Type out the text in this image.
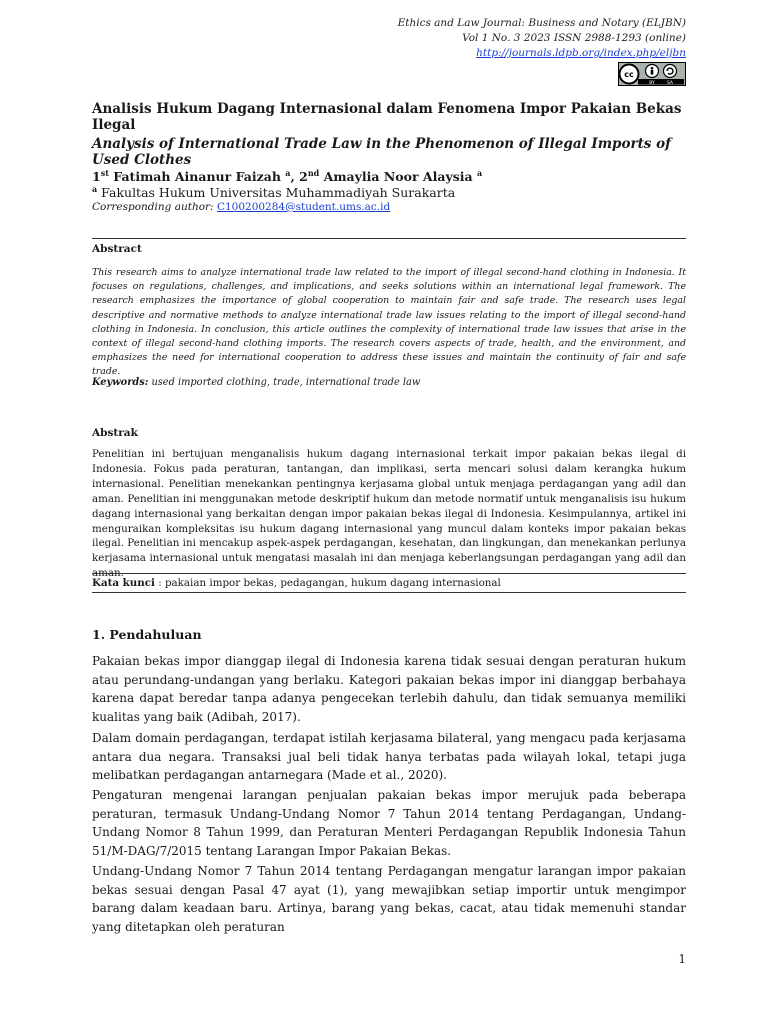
Ethics and Law Journal: Business and Notary (ELJBN)
Vol 1 No. 3 2023 ISSN 2988-1293 (online)
http://journals.ldpb.org/index.php/eljbn
cc
BY	SA
Analisis Hukum Dagang Internasional dalam Fenomena Impor Pakaian Bekas Ilegal
Analysis of International Trade Law in the Phenomenon of Illegal Imports of Used Clothes
1st Fatimah Ainanur Faizah $^a$, 2nd Amaylia Noor Alaysia $^a$
$^a$ Fakultas Hukum Universitas Muhammadiyah Surakarta
Corresponding author: C100200284@student.ums.ac.id
Abstract
This research aims to analyze international trade law related to the import of illegal second-hand clothing in Indonesia. It focuses on regulations, challenges, and implications, and seeks solutions within an international legal framework. The research emphasizes the importance of global cooperation to maintain fair and safe trade. The research uses legal descriptive and normative methods to analyze international trade law issues relating to the import of illegal second-hand clothing in Indonesia. In conclusion, this article outlines the complexity of international trade law issues that arise in the context of illegal second-hand clothing imports. The research covers aspects of trade, health, and the environment, and emphasizes the need for international cooperation to address these issues and maintain the continuity of fair and safe trade.
Keywords: used imported clothing, trade, international trade law
Abstrak
Penelitian ini bertujuan menganalisis hukum dagang internasional terkait impor pakaian bekas ilegal di Indonesia. Fokus pada peraturan, tantangan, dan implikasi, serta mencari solusi dalam kerangka hukum internasional. Penelitian menekankan pentingnya kerjasama global untuk menjaga perdagangan yang adil dan aman. Penelitian ini menggunakan metode deskriptif hukum dan metode normatif untuk menganalisis isu hukum dagang internasional yang berkaitan dengan impor pakaian bekas ilegal di Indonesia. Kesimpulannya, artikel ini menguraikan kompleksitas isu hukum dagang internasional yang muncul dalam konteks impor pakaian bekas ilegal. Penelitian ini mencakup aspek-aspek perdagangan, kesehatan, dan lingkungan, dan menekankan perlunya kerjasama internasional untuk mengatasi masalah ini dan menjaga keberlangsungan perdagangan yang adil dan aman.
Kata kunci : pakaian impor bekas, pedagangan, hukum dagang internasional
1. Pendahuluan
Pakaian bekas impor dianggap ilegal di Indonesia karena tidak sesuai dengan peraturan hukum atau perundang-undangan yang berlaku. Kategori pakaian bekas impor ini dianggap berbahaya karena dapat beredar tanpa adanya pengecekan terlebih dahulu, dan tidak semuanya memiliki kualitas yang baik (Adibah, 2017).
Dalam domain perdagangan, terdapat istilah kerjasama bilateral, yang mengacu pada kerjasama antara dua negara. Transaksi jual beli tidak hanya terbatas pada wilayah lokal, tetapi juga melibatkan perdagangan antarnegara (Made et al., 2020).
Pengaturan mengenai larangan penjualan pakaian bekas impor merujuk pada beberapa peraturan, termasuk Undang-Undang Nomor 7 Tahun 2014 tentang Perdagangan, Undang-Undang Nomor 8 Tahun 1999, dan Peraturan Menteri Perdagangan Republik Indonesia Tahun 51/M-DAG/7/2015 tentang Larangan Impor Pakaian Bekas.
Undang-Undang Nomor 7 Tahun 2014 tentang Perdagangan mengatur larangan impor pakaian bekas sesuai dengan Pasal 47 ayat (1), yang mewajibkan setiap importir untuk mengimpor barang dalam keadaan baru. Artinya, barang yang bekas, cacat, atau tidak memenuhi standar yang ditetapkan oleh peraturan
1
